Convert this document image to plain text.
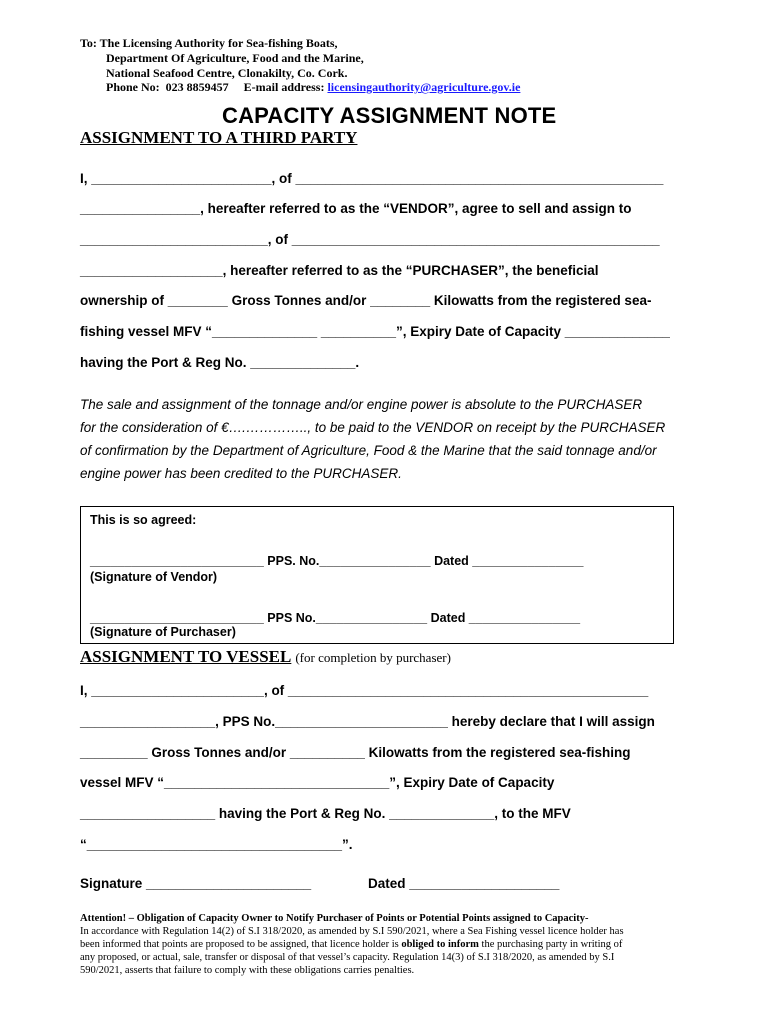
To: The Licensing Authority for Sea-fishing Boats,
Department Of Agriculture, Food and the Marine,
National Seafood Centre, Clonakilty, Co. Cork.
Phone No:  023 8859457 E-mail address: licensingauthority@agriculture.gov.ie
CAPACITY ASSIGNMENT NOTE
ASSIGNMENT TO A THIRD PARTY
I, ________________________, of _________________________________________________
________________, hereafter referred to as the “VENDOR”, agree to sell and assign to
_________________________, of _________________________________________________
___________________, hereafter referred to as the “PURCHASER”, the beneficial
ownership of ________ Gross Tonnes and/or ________ Kilowatts from the registered sea-
fishing vessel MFV “______________ __________”, Expiry Date of Capacity ______________
having the Port & Reg No. ______________.
The sale and assignment of the tonnage and/or engine power is absolute to the PURCHASER
for the consideration of €….………….., to be paid to the VENDOR on receipt by the PURCHASER
of confirmation by the Department of Agriculture, Food & the Marine that the said tonnage and/or
engine power has been credited to the PURCHASER.
This is so agreed:
_________________________ PPS. No.________________ Dated ________________
(Signature of Vendor)
_________________________ PPS No.________________ Dated ________________
(Signature of Purchaser)
ASSIGNMENT TO VESSEL (for completion by purchaser)
I, _______________________, of ________________________________________________
__________________, PPS No._______________________ hereby declare that I will assign
_________ Gross Tonnes and/or __________ Kilowatts from the registered sea-fishing
vessel MFV “______________________________”, Expiry Date of Capacity
__________________ having the Port & Reg No. ______________, to the MFV
“__________________________________”.
Signature ______________________	Dated ____________________
Attention! – Obligation of Capacity Owner to Notify Purchaser of Points or Potential Points assigned to Capacity-
In accordance with Regulation 14(2) of S.I 318/2020, as amended by S.I 590/2021, where a Sea Fishing vessel licence holder has
been informed that points are proposed to be assigned, that licence holder is obliged to inform the purchasing party in writing of
any proposed, or actual, sale, transfer or disposal of that vessel’s capacity. Regulation 14(3) of S.I 318/2020, as amended by S.I
590/2021, asserts that failure to comply with these obligations carries penalties.
